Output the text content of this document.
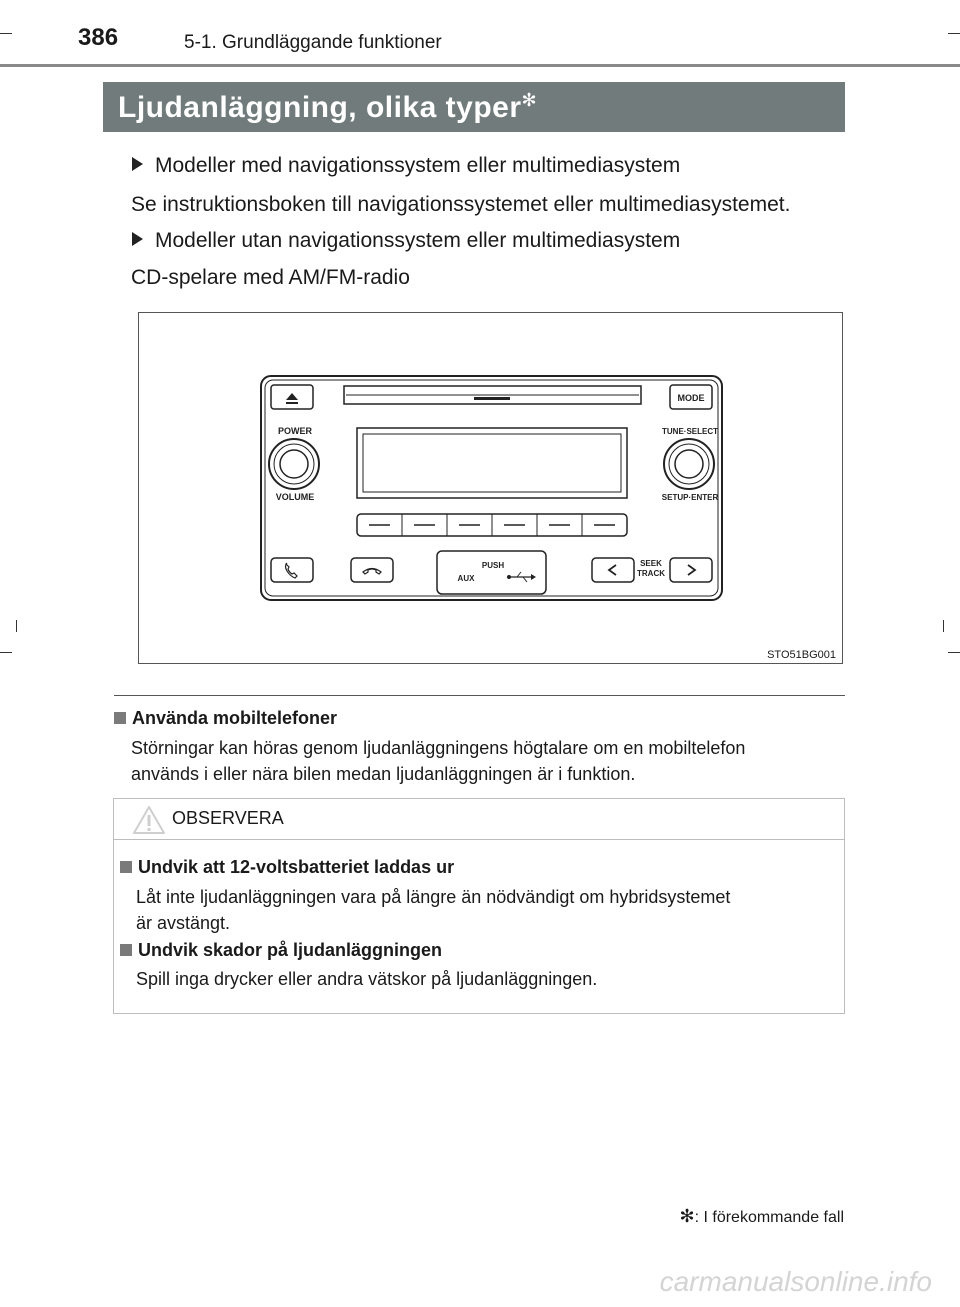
386	5-1. Grundläggande funktioner
Ljudanläggning, olika typer✻
Modeller med navigationssystem eller multimediasystem
Se instruktionsboken till navigationssystemet eller multimediasystemet.
Modeller utan navigationssystem eller multimediasystem
CD-spelare med AM/FM-radio
MODE
POWER
VOLUME
TUNE·SELECT
SETUP·ENTER
PUSH
AUX
SEEK
TRACK
STO51BG001
Använda mobiltelefoner
Störningar kan höras genom ljudanläggningens högtalare om en mobiltelefon
används i eller nära bilen medan ljudanläggningen är i funktion.
OBSERVERA
Undvik att 12-voltsbatteriet laddas ur
Låt inte ljudanläggningen vara på längre än nödvändigt om hybridsystemet
är avstängt.
Undvik skador på ljudanläggningen
Spill inga drycker eller andra vätskor på ljudanläggningen.
✻: I förekommande fall
carmanualsonline.info
